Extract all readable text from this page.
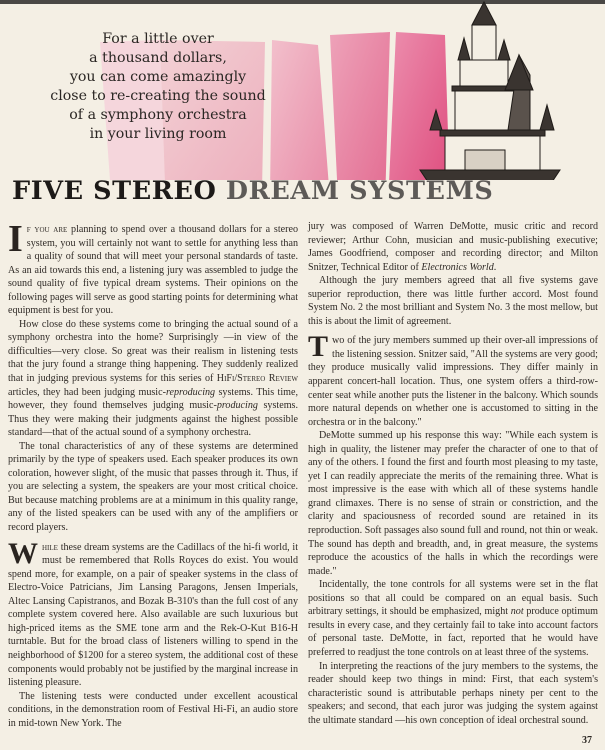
For a little over
a thousand dollars,
you can come amazingly
close to re-creating the sound
of a symphony orchestra
in your living room
FIVE STEREO DREAM SYSTEMS

If you are planning to spend over a thousand dollars for a stereo system, you will certainly not want to settle for anything less than a quality of sound that will meet your personal standards of taste. As an aid towards this end, a listening jury was assembled to judge the sound quality of five typical dream systems. Their opinions on the following pages will serve as good starting points for determining what equipment is best for you.

How close do these systems come to bringing the actual sound of a symphony orchestra into the home? Surprisingly —in view of the difficulties—very close. So great was their realism in listening tests that the jury found a strange thing happening. They suddenly realized that in judging previous systems for this series of HiFi/Stereo Review articles, they had been judging music-reproducing systems. This time, however, they found themselves judging music-producing systems. Thus they were making their judgments against the highest possible standard—that of the actual sound of a symphony orchestra.

The tonal characteristics of any of these systems are determined primarily by the type of speakers used. Each speaker produces its own coloration, however slight, of the music that passes through it. Thus, if you are selecting a system, the speakers are your most critical choice. But because matching problems are at a minimum in this quality range, any of the listed speakers can be used with any of the amplifiers or record players.

While these dream systems are the Cadillacs of the hi-fi world, it must be remembered that Rolls Royces do exist. You would spend more, for example, on a pair of speaker systems in the class of Electro-Voice Patricians, Jim Lansing Paragons, Jensen Imperials, Altec Lansing Capistranos, and Bozak B-310's than the full cost of any complete system covered here. Also available are such luxurious but high-priced items as the SME tone arm and the Rek-O-Kut B16-H turntable. But for the broad class of listeners willing to spend in the neighborhood of $1200 for a stereo system, the additional cost of these components would probably not be justified by the marginal increase in listening pleasure.

The listening tests were conducted under excellent acoustical conditions, in the demonstration room of Festival Hi-Fi, an audio store in mid-town New York. The

jury was composed of Warren DeMotte, music critic and record reviewer; Arthur Cohn, musician and music-publishing executive; James Goodfriend, composer and recording director; and Milton Snitzer, Technical Editor of Electronics World.

Although the jury members agreed that all five systems gave superior reproduction, there was little further accord. Most found System No. 2 the most brilliant and System No. 3 the most mellow, but this is about the limit of agreement.

Two of the jury members summed up their over-all impressions of the listening session. Snitzer said, "All the systems are very good; they produce musically valid impressions. They differ mainly in apparent concert-hall location. Thus, one system offers a third-row-center seat while another puts the listener in the balcony. Which sounds more natural depends on whether one is accustomed to sitting in the orchestra or in the balcony."

DeMotte summed up his response this way: "While each system is high in quality, the listener may prefer the character of one to that of any of the others. I found the first and fourth most pleasing to my taste, yet I can readily appreciate the merits of the remaining three. What is most impressive is the ease with which all of these systems handle grand climaxes. There is no sense of strain or constriction, and the clarity and spaciousness of recorded sound are retained in its reproduction. Soft passages also sound full and round, not thin or weak. The sound has depth and breadth, and, in great measure, the systems reproduce the acoustics of the halls in which the recordings were made."

Incidentally, the tone controls for all systems were set in the flat positions so that all could be compared on an equal basis. Such arbitrary settings, it should be emphasized, might not produce optimum results in every case, and they certainly fail to take into account factors of personal taste. DeMotte, in fact, reported that he would have preferred to readjust the tone controls on at least three of the systems.

In interpreting the reactions of the jury members to the systems, the reader should keep two things in mind: First, that each system's characteristic sound is attributable perhaps ninety per cent to the speakers; and second, that each juror was judging the system against the ultimate standard —his own conception of ideal orchestral sound.

37
